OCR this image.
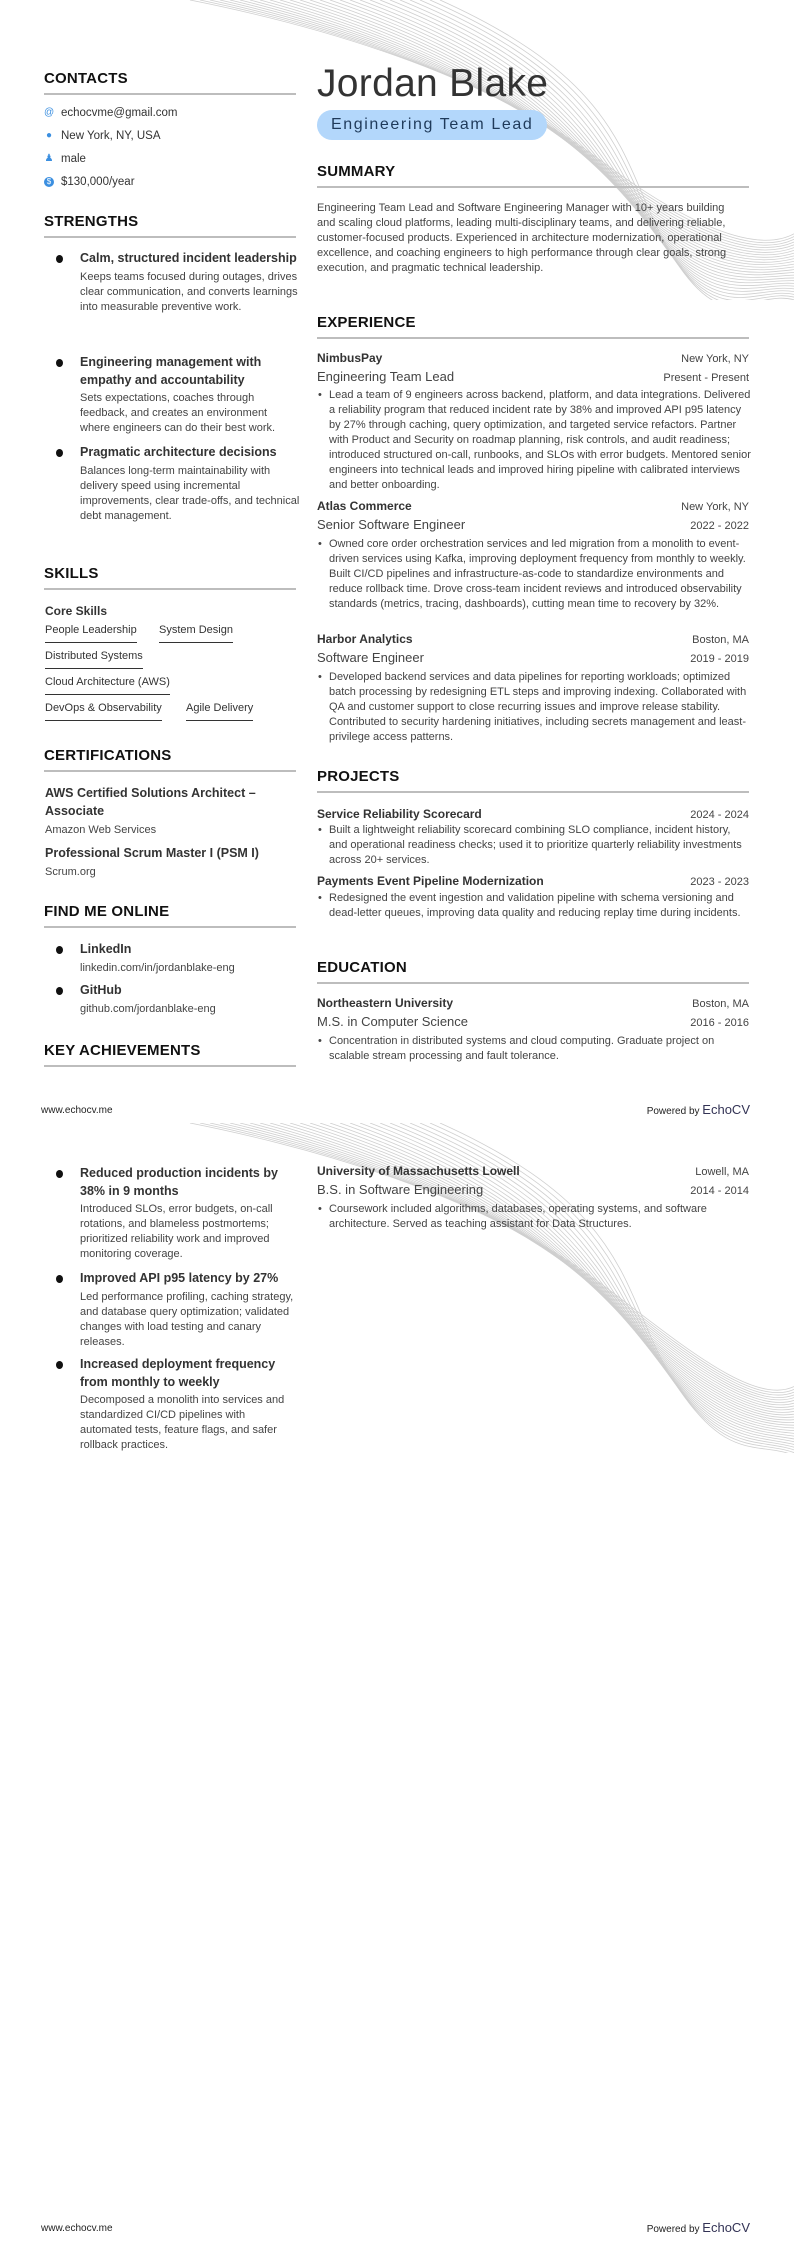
CONTACTS
@ echocvme@gmail.com
● New York, NY, USA
♟ male
$ $130,000/year
STRENGTHS
Calm, structured incident leadership
Keeps teams focused during outages, drives clear communication, and converts learnings into measurable preventive work.
Engineering management with empathy and accountability
Sets expectations, coaches through feedback, and creates an environment where engineers can do their best work.
Pragmatic architecture decisions
Balances long-term maintainability with delivery speed using incremental improvements, clear trade-offs, and technical debt management.
SKILLS
Core Skills
People Leadership System Design
Distributed Systems
Cloud Architecture (AWS)
DevOps & Observability Agile Delivery
CERTIFICATIONS
AWS Certified Solutions Architect – Associate
Amazon Web Services
Professional Scrum Master I (PSM I)
Scrum.org
FIND ME ONLINE
LinkedIn
linkedin.com/in/jordanblake-eng
GitHub
github.com/jordanblake-eng
KEY ACHIEVEMENTS
Jordan Blake
Engineering Team Lead
SUMMARY
Engineering Team Lead and Software Engineering Manager with 10+ years building and scaling cloud platforms, leading multi-disciplinary teams, and delivering reliable, customer-focused products. Experienced in architecture modernization, operational excellence, and coaching engineers to high performance through clear goals, strong execution, and pragmatic technical leadership.
EXPERIENCE
NimbusPay	New York, NY
Engineering Team Lead	Present - Present
• Lead a team of 9 engineers across backend, platform, and data integrations. Delivered a reliability program that reduced incident rate by 38% and improved API p95 latency by 27% through caching, query optimization, and targeted service refactors. Partner with Product and Security on roadmap planning, risk controls, and audit readiness; introduced structured on-call, runbooks, and SLOs with error budgets. Mentored senior engineers into technical leads and improved hiring pipeline with calibrated interviews and better onboarding.
Atlas Commerce	New York, NY
Senior Software Engineer	2022 - 2022
• Owned core order orchestration services and led migration from a monolith to event-driven services using Kafka, improving deployment frequency from monthly to weekly. Built CI/CD pipelines and infrastructure-as-code to standardize environments and reduce rollback time. Drove cross-team incident reviews and introduced observability standards (metrics, tracing, dashboards), cutting mean time to recovery by 32%.
Harbor Analytics	Boston, MA
Software Engineer	2019 - 2019
• Developed backend services and data pipelines for reporting workloads; optimized batch processing by redesigning ETL steps and improving indexing. Collaborated with QA and customer support to close recurring issues and improve release stability. Contributed to security hardening initiatives, including secrets management and least-privilege access patterns.
PROJECTS
Service Reliability Scorecard	2024 - 2024
• Built a lightweight reliability scorecard combining SLO compliance, incident history, and operational readiness checks; used it to prioritize quarterly reliability investments across 20+ services.
Payments Event Pipeline Modernization	2023 - 2023
• Redesigned the event ingestion and validation pipeline with schema versioning and dead-letter queues, improving data quality and reducing replay time during incidents.
EDUCATION
Northeastern University	Boston, MA
M.S. in Computer Science	2016 - 2016
• Concentration in distributed systems and cloud computing. Graduate project on scalable stream processing and fault tolerance.
www.echocv.me	Powered by EchoCV
Reduced production incidents by 38% in 9 months
Introduced SLOs, error budgets, on-call rotations, and blameless postmortems; prioritized reliability work and improved monitoring coverage.
Improved API p95 latency by 27%
Led performance profiling, caching strategy, and database query optimization; validated changes with load testing and canary releases.
Increased deployment frequency from monthly to weekly
Decomposed a monolith into services and standardized CI/CD pipelines with automated tests, feature flags, and safer rollback practices.
University of Massachusetts Lowell	Lowell, MA
B.S. in Software Engineering	2014 - 2014
• Coursework included algorithms, databases, operating systems, and software architecture. Served as teaching assistant for Data Structures.
www.echocv.me	Powered by EchoCV
